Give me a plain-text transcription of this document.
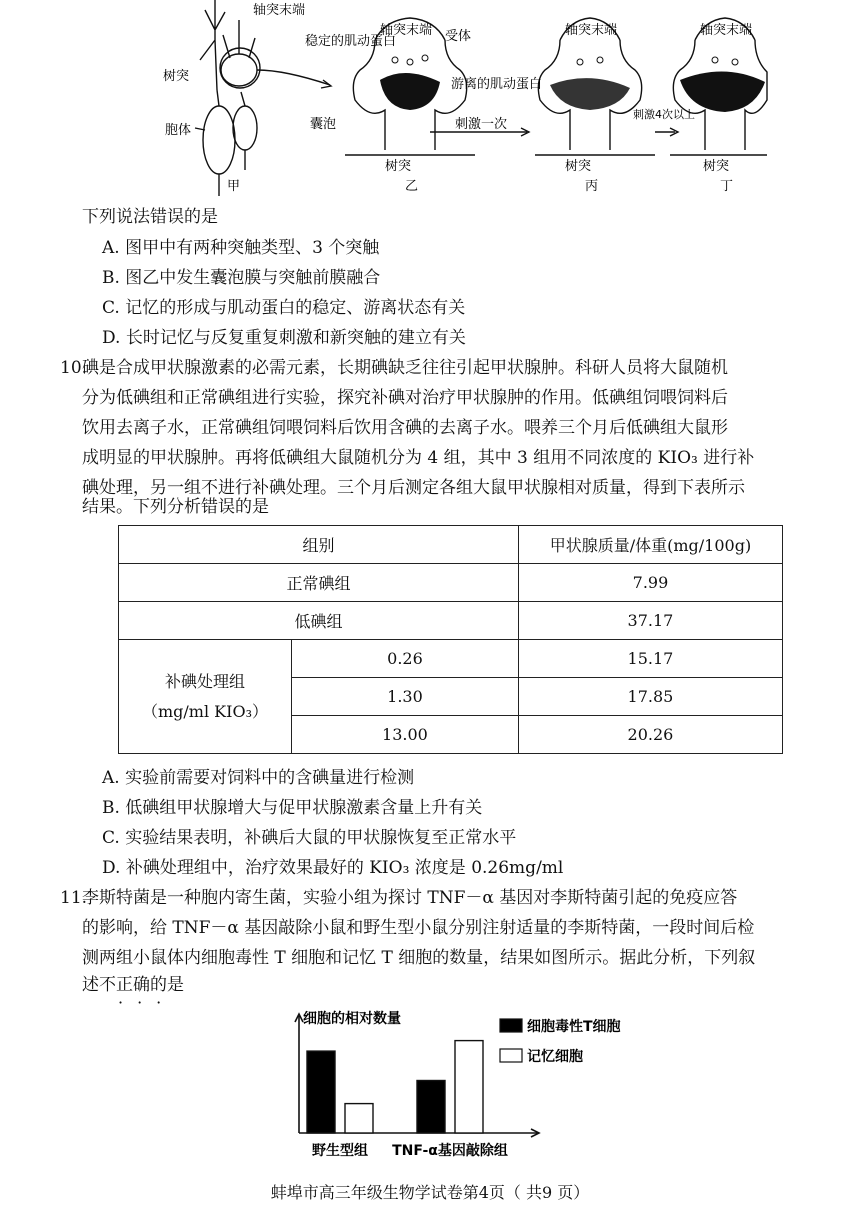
轴突末端
树突
胞体
甲
轴突末端
稳定的肌动蛋白	受体
游离的肌动蛋白
囊泡	刺激一次
树突
乙
轴突末端
树突
丙
轴突末端
刺激4次以上
树突
丁
下列说法错误的是
A. 图甲中有两种突触类型、3 个突触
B. 图乙中发生囊泡膜与突触前膜融合
C. 记忆的形成与肌动蛋白的稳定、游离状态有关
D. 长时记忆与反复重复刺激和新突触的建立有关
10.
碘是合成甲状腺激素的必需元素，长期碘缺乏往往引起甲状腺肿。科研人员将大鼠随机
分为低碘组和正常碘组进行实验，探究补碘对治疗甲状腺肿的作用。低碘组饲喂饲料后
饮用去离子水，正常碘组饲喂饲料后饮用含碘的去离子水。喂养三个月后低碘组大鼠形
成明显的甲状腺肿。再将低碘组大鼠随机分为 4 组，其中 3 组用不同浓度的 KIO₃ 进行补
碘处理，另一组不进行补碘处理。三个月后测定各组大鼠甲状腺相对质量，得到下表所示
结果。下列分析错误的是
组别		甲状腺质量/体重(mg/100g)
正常碘组		7.99
低碘组		37.17

补碘处理组
（mg/ml KIO₃）	0.26	15.17
	1.30	17.85
	13.00	20.26
A. 实验前需要对饲料中的含碘量进行检测
B. 低碘组甲状腺增大与促甲状腺激素含量上升有关
C. 实验结果表明，补碘后大鼠的甲状腺恢复至正常水平
D. 补碘处理组中，治疗效果最好的 KIO₃ 浓度是 0.26mg/ml
11.
李斯特菌是一种胞内寄生菌，实验小组为探讨 TNF－α 基因对李斯特菌引起的免疫应答
的影响，给 TNF－α 基因敲除小鼠和野生型小鼠分别注射适量的李斯特菌，一段时间后检
测两组小鼠体内细胞毒性 T 细胞和记忆 T 细胞的数量，结果如图所示。据此分析，下列叙
述不正确的是
···
细胞的相对数量
野生型组 TNF-α基因敲除组
细胞毒性T细胞
记忆细胞
蚌埠市高三年级生物学试卷第4页（ 共9 页）
